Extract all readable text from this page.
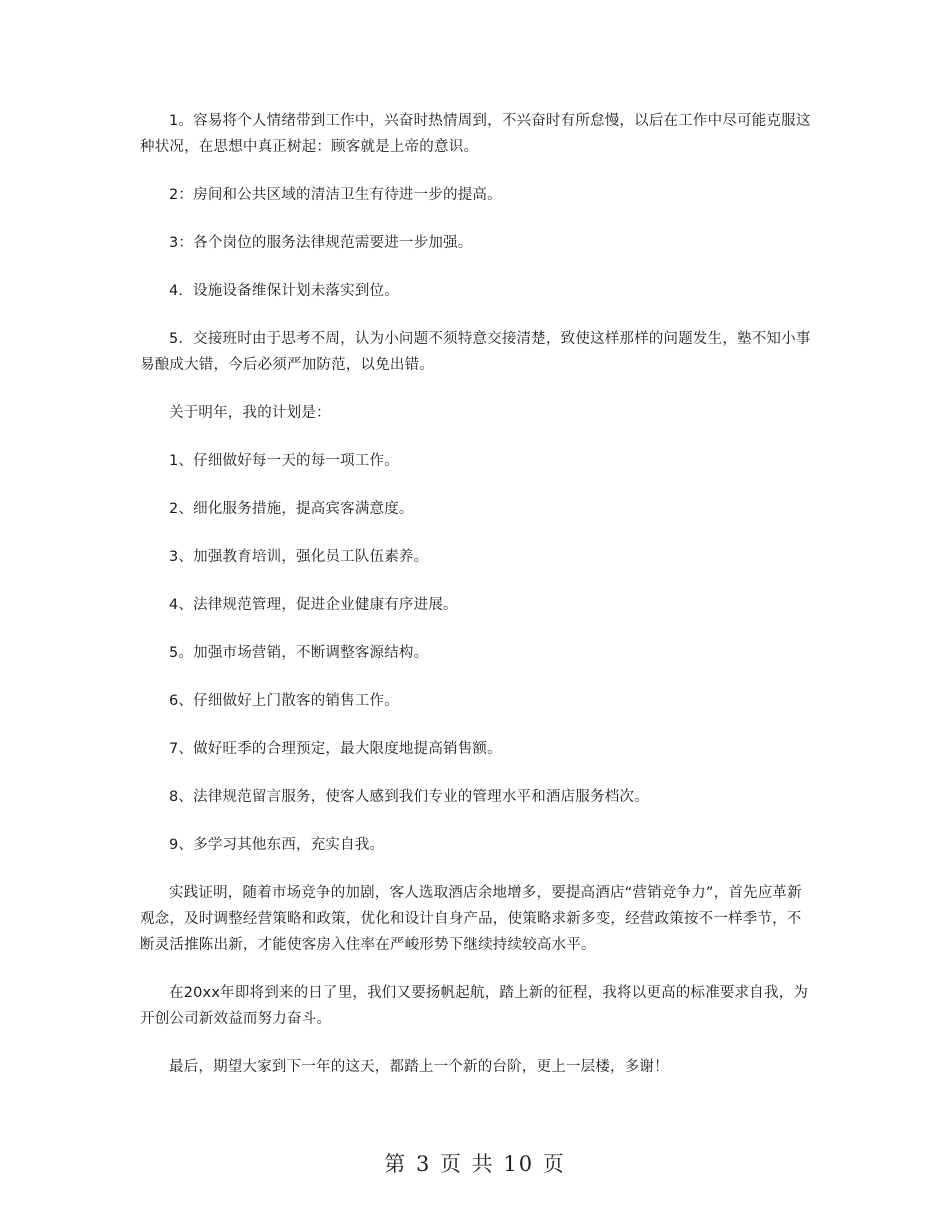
1。容易将个人情绪带到工作中，兴奋时热情周到，不兴奋时有所怠慢，以后在工作中尽可能克服这种状况，在思想中真正树起：顾客就是上帝的意识。

2：房间和公共区域的清洁卫生有待进一步的提高。

3：各个岗位的服务法律规范需要进一步加强。

4．设施设备维保计划未落实到位。

5．交接班时由于思考不周，认为小问题不须特意交接清楚，致使这样那样的问题发生，塾不知小事易酿成大错，今后必须严加防范，以免出错。

关于明年，我的计划是：

1、仔细做好每一天的每一项工作。

2、细化服务措施，提高宾客满意度。

3、加强教育培训，强化员工队伍素养。

4、法律规范管理，促进企业健康有序进展。

5。加强市场营销，不断调整客源结构。

6、仔细做好上门散客的销售工作。

7、做好旺季的合理预定，最大限度地提高销售额。

8、法律规范留言服务，使客人感到我们专业的管理水平和酒店服务档次。

9、多学习其他东西，充实自我。

实践证明，随着市场竞争的加剧，客人选取酒店余地增多，要提高酒店“营销竞争力”，首先应革新观念，及时调整经营策略和政策，优化和设计自身产品，使策略求新多变，经营政策按不一样季节，不断灵活推陈出新，才能使客房入住率在严峻形势下继续持续较高水平。

在20xx年即将到来的日了里，我们又要扬帆起航，踏上新的征程，我将以更高的标准要求自我，为开创公司新效益而努力奋斗。

最后，期望大家到下一年的这天，都踏上一个新的台阶，更上一层楼，多谢！

第 3 页 共 10 页
